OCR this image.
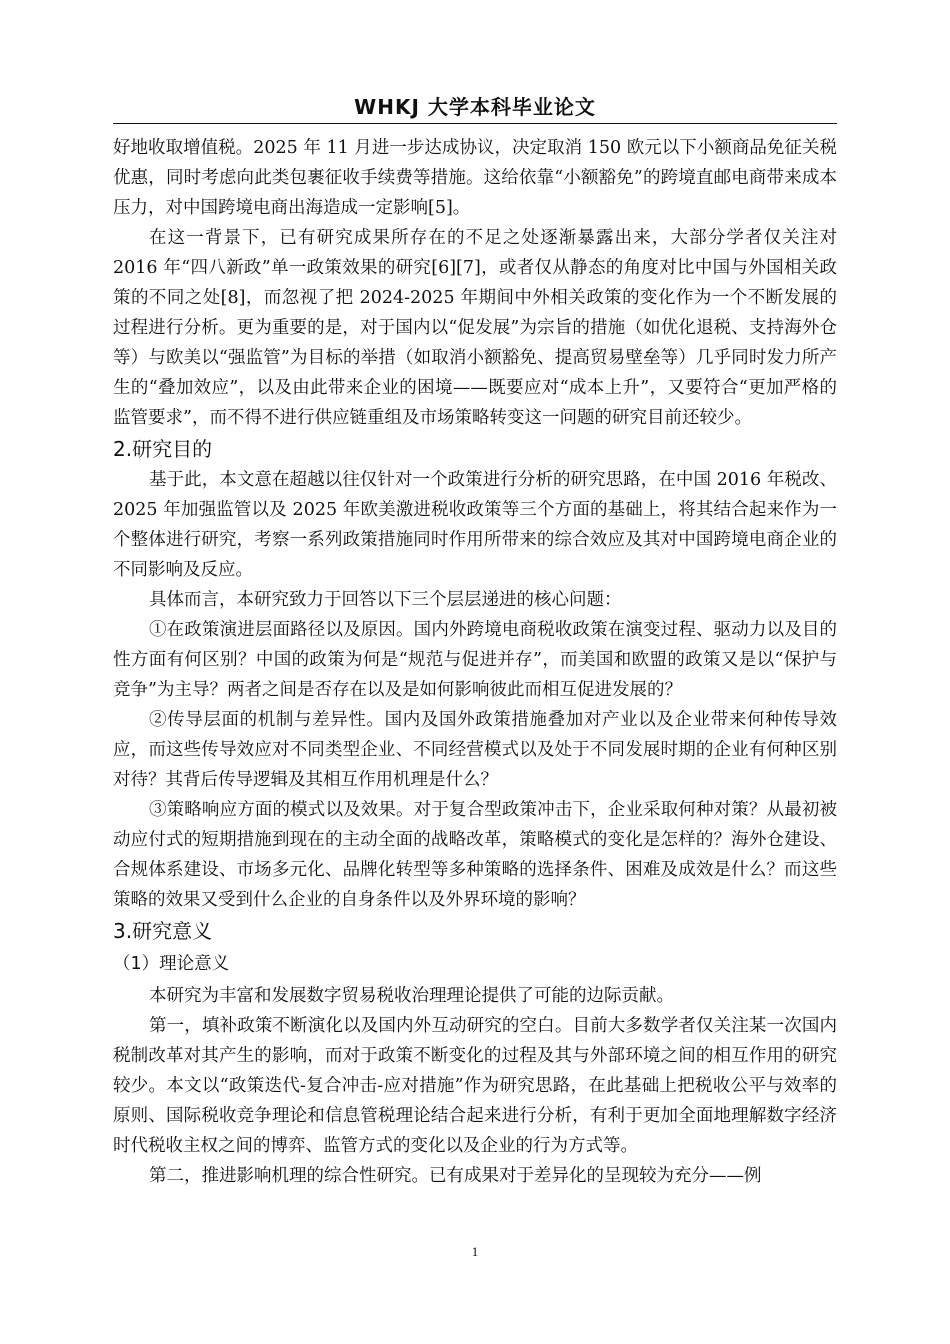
WHKJ 大学本科毕业论文

好地收取增值税。2025 年 11 月进一步达成协议，决定取消 150 欧元以下小额商品免征关税优惠，同时考虑向此类包裹征收手续费等措施。这给依靠“小额豁免”的跨境直邮电商带来成本压力，对中国跨境电商出海造成一定影响[5]。

在这一背景下，已有研究成果所存在的不足之处逐渐暴露出来，大部分学者仅关注对 2016 年“四八新政”单一政策效果的研究[6][7]，或者仅从静态的角度对比中国与外国相关政策的不同之处[8]，而忽视了把 2024-2025 年期间中外相关政策的变化作为一个不断发展的过程进行分析。更为重要的是，对于国内以“促发展”为宗旨的措施（如优化退税、支持海外仓等）与欧美以“强监管”为目标的举措（如取消小额豁免、提高贸易壁垒等）几乎同时发力所产生的“叠加效应”，以及由此带来企业的困境——既要应对“成本上升”，又要符合“更加严格的监管要求”，而不得不进行供应链重组及市场策略转变这一问题的研究目前还较少。

2.研究目的

基于此，本文意在超越以往仅针对一个政策进行分析的研究思路，在中国 2016 年税改、2025 年加强监管以及 2025 年欧美激进税收政策等三个方面的基础上，将其结合起来作为一个整体进行研究，考察一系列政策措施同时作用所带来的综合效应及其对中国跨境电商企业的不同影响及反应。

具体而言，本研究致力于回答以下三个层层递进的核心问题：

①在政策演进层面路径以及原因。国内外跨境电商税收政策在演变过程、驱动力以及目的性方面有何区别？中国的政策为何是“规范与促进并存”，而美国和欧盟的政策又是以“保护与竞争”为主导？两者之间是否存在以及是如何影响彼此而相互促进发展的？

②传导层面的机制与差异性。国内及国外政策措施叠加对产业以及企业带来何种传导效应，而这些传导效应对不同类型企业、不同经营模式以及处于不同发展时期的企业有何种区别对待？其背后传导逻辑及其相互作用机理是什么？

③策略响应方面的模式以及效果。对于复合型政策冲击下，企业采取何种对策？从最初被动应付式的短期措施到现在的主动全面的战略改革，策略模式的变化是怎样的？海外仓建设、合规体系建设、市场多元化、品牌化转型等多种策略的选择条件、困难及成效是什么？而这些策略的效果又受到什么企业的自身条件以及外界环境的影响？

3.研究意义
（1）理论意义

本研究为丰富和发展数字贸易税收治理理论提供了可能的边际贡献。

第一，填补政策不断演化以及国内外互动研究的空白。目前大多数学者仅关注某一次国内税制改革对其产生的影响，而对于政策不断变化的过程及其与外部环境之间的相互作用的研究较少。本文以“政策迭代-复合冲击-应对措施”作为研究思路，在此基础上把税收公平与效率的原则、国际税收竞争理论和信息管税理论结合起来进行分析，有利于更加全面地理解数字经济时代税收主权之间的博弈、监管方式的变化以及企业的行为方式等。

第二，推进影响机理的综合性研究。已有成果对于差异化的呈现较为充分——例

1
